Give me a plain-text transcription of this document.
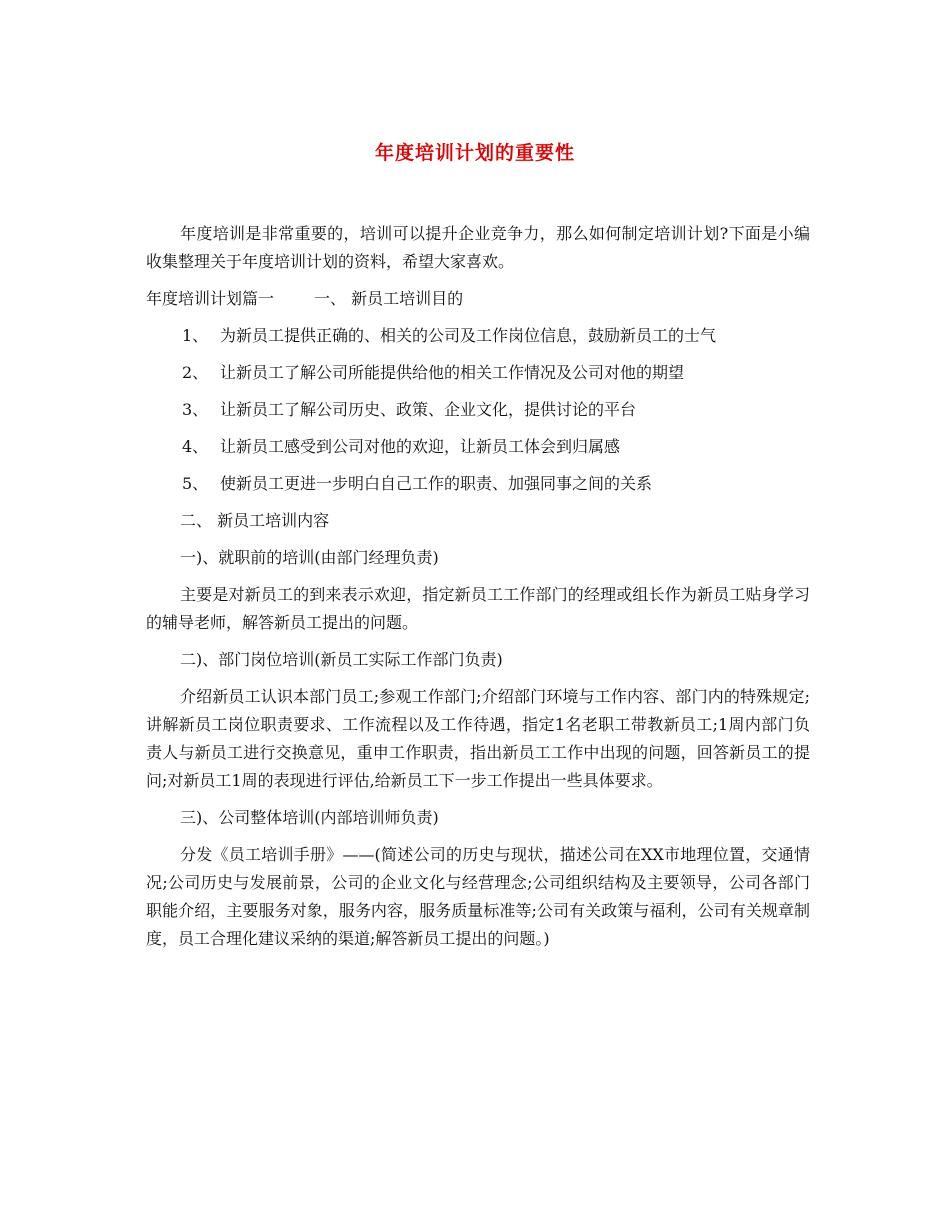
年度培训计划的重要性

年度培训是非常重要的，培训可以提升企业竞争力，那么如何制定培训计划?下面是小编收集整理关于年度培训计划的资料，希望大家喜欢。

年度培训计划篇一	一、 新员工培训目的
1、 为新员工提供正确的、相关的公司及工作岗位信息，鼓励新员工的士气
2、 让新员工了解公司所能提供给他的相关工作情况及公司对他的期望
3、 让新员工了解公司历史、政策、企业文化，提供讨论的平台
4、 让新员工感受到公司对他的欢迎，让新员工体会到归属感
5、 使新员工更进一步明白自己工作的职责、加强同事之间的关系

二、 新员工培训内容

一)、就职前的培训(由部门经理负责)

主要是对新员工的到来表示欢迎，指定新员工工作部门的经理或组长作为新员工贴身学习的辅导老师，解答新员工提出的问题。

二)、部门岗位培训(新员工实际工作部门负责)

介绍新员工认识本部门员工;参观工作部门;介绍部门环境与工作内容、部门内的特殊规定;讲解新员工岗位职责要求、工作流程以及工作待遇，指定1名老职工带教新员工;1周内部门负责人与新员工进行交换意见，重申工作职责，指出新员工工作中出现的问题，回答新员工的提问;对新员工1周的表现进行评估,给新员工下一步工作提出一些具体要求。

三)、公司整体培训(内部培训师负责)

分发《员工培训手册》——(简述公司的历史与现状，描述公司在XX市地理位置，交通情况;公司历史与发展前景，公司的企业文化与经营理念;公司组织结构及主要领导，公司各部门职能介绍，主要服务对象，服务内容，服务质量标准等;公司有关政策与福利，公司有关规章制度，员工合理化建议采纳的渠道;解答新员工提出的问题。)
